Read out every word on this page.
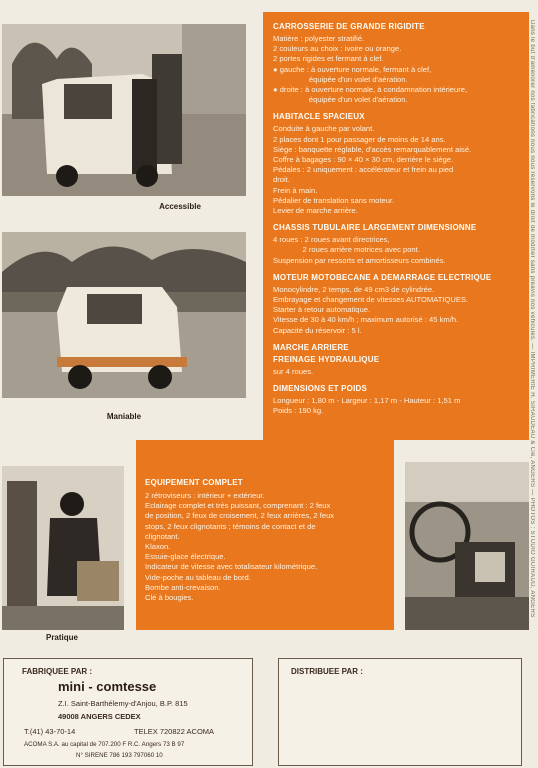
Accessible
Maniable
Pratique
CARROSSERIE DE GRANDE RIGIDITE
Matière : polyester stratifié.
2 couleurs au choix : ivoire ou orange.
2 portes rigides et fermant à clef.
● gauche : à ouverture normale, fermant à clef,
équipée d'un volet d'aération.
● droite : à ouverture normale, à condamnation intérieure,
équipée d'un volet d'aération.
HABITACLE SPACIEUX
Conduite à gauche par volant.
2 places dont 1 pour passager de moins de 14 ans.
Siège : banquette réglable, d'accès remarquablement aisé.
Coffre à bagages : 90 × 40 × 30 cm, derrière le siège.
Pédales : 2 uniquement : accélérateur et frein au pied
droit.
Frein à main.
Pédalier de translation sans moteur.
Levier de marche arrière.
CHASSIS TUBULAIRE LARGEMENT DIMENSIONNE
4 roues : 2 roues avant directrices,
2 roues arrière motrices avec pont.
Suspension par ressorts et amortisseurs combinés.
MOTEUR MOTOBECANE A DEMARRAGE ELECTRIQUE
Monocylindre, 2 temps, de 49 cm3 de cylindrée.
Embrayage et changement de vitesses AUTOMATIQUES.
Starter à retour automatique.
Vitesse de 30 à 40 km/h ; maximum autorisé : 45 km/h.
Capacité du réservoir : 5 l.
MARCHE ARRIERE
FREINAGE HYDRAULIQUE
sur 4 roues.
DIMENSIONS ET POIDS
Longueur : 1,80 m - Largeur : 1,17 m - Hauteur : 1,51 m
Poids : 190 kg.
EQUIPEMENT COMPLET
2 rétroviseurs : intérieur + extérieur.
Eclairage complet et très puissant, comprenant : 2 feux
de position, 2 feux de croisement, 2 feux arrières, 2 feux
stops, 2 feux clignotants ; témoins de contact et de
clignotant.
Klaxon.
Essuie-glace électrique.
Indicateur de vitesse avec totalisateur kilométrique.
Vide-poche au tableau de bord.
Bombe anti-crevaison.
Clé à bougies.
FABRIQUEE PAR :
mini - comtesse
Z.I. Saint-Barthélemy-d'Anjou, B.P. 815
49008 ANGERS CEDEX
T.(41) 43-70-14	TELEX 720822 ACOMA
ACOMA S.A. au capital de 707.200 F R.C. Angers 73 B 97
N° SIRENE 786 193 797060 10
DISTRIBUEE PAR :
Dans le but d'améliorer nos fabrications nous nous réservons le droit de modifier sans préavis nos véhicules. — IMPRIMERIE H. SIRAUDEAU & Cie, ANGERS — PHOTOS : STUDIO GUIRAUD, ANGERS
